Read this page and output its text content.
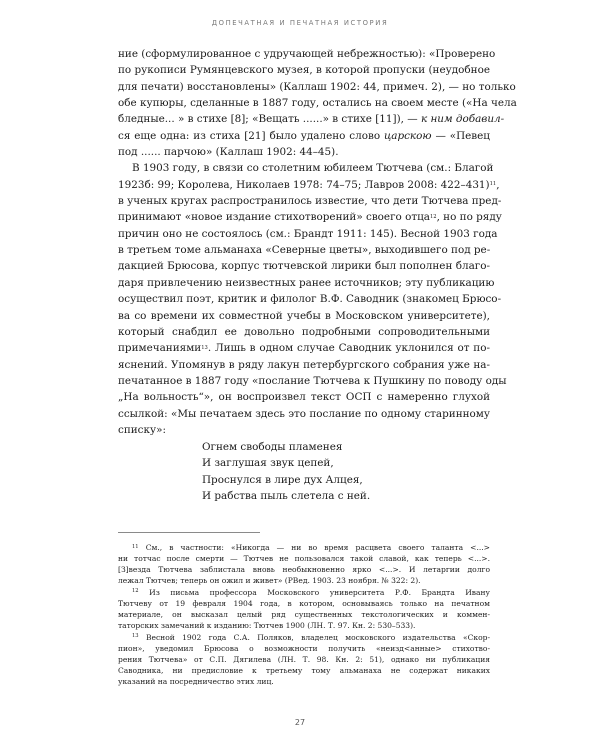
ДОПЕЧАТНАЯ И ПЕЧАТНАЯ ИСТОРИЯ

ние (сформулированное с удручающей небрежностью): «Проверено
по рукописи Румянцевского музея, в которой пропуски (неудобное
для печати) восстановлены» (Каллаш 1902: 44, примеч. 2), — но только
обе купюры, сделанные в 1887 году, остались на своем месте («На чела
бледные... » в стихе [8]; «Вещать ......» в стихе [11]), — к ним добавил-
ся еще одна: из стиха [21] было удалено слово царскою — «Певец
под ...... парчою» (Каллаш 1902: 44–45).

В 1903 году, в связи со столетним юбилеем Тютчева (см.: Благой
1923б: 99; Королева, Николаев 1978: 74–75; Лавров 2008: 422–431)$^{11}$,
в ученых кругах распространилось известие, что дети Тютчева пред-
принимают «новое издание стихотворений» своего отца$^{12}$, но по ряду
причин оно не состоялось (см.: Брандт 1911: 145). Весной 1903 года
в третьем томе альманаха «Северные цветы», выходившего под ре-
дакцией Брюсова, корпус тютчевской лирики был пополнен благо-
даря привлечению неизвестных ранее источников; эту публикацию
осуществил поэт, критик и филолог В.Ф. Саводник (знакомец Брюсо-
ва со времени их совместной учебы в Московском университете),
который снабдил ее довольно подробными сопроводительными
примечаниями$^{13}$. Лишь в одном случае Саводник уклонился от по-
яснений. Упомянув в ряду лакун петербургского собрания уже на-
печатанное в 1887 году «послание Тютчева к Пушкину по поводу оды
„На вольность“», он воспроизвел текст ОСП с намеренно глухой
ссылкой: «Мы печатаем здесь это послание по одному старинному
списку»:

Огнем свободы пламенея
И заглушая звук цепей,
Проснулся в лире дух Алцея,
И рабства пыль слетела с ней.
$^{11}$ См., в частности: «Никогда — ни во время расцвета своего таланта <...>
ни тотчас после смерти — Тютчев не пользовался такой славой, как теперь <...>.
[З]везда Тютчева заблистала вновь необыкновенно ярко <...>. И летаргии долго
лежал Тютчев; теперь он ожил и живет» (РВед. 1903. 23 ноября. № 322: 2).
$^{12}$ Из письма профессора Московского университета Р.Ф. Брандта Ивану
Тютчеву от 19 февраля 1904 года, в котором, основываясь только на печатном
материале, он высказал целый ряд существенных текстологических и коммен-
таторских замечаний к изданию: Тютчев 1900 (ЛН. Т. 97. Кн. 2: 530–533).
$^{13}$ Весной 1902 года С.А. Поляков, владелец московского издательства «Скор-
пион», уведомил Брюсова о возможности получить «неизд<анные> стихотво-
рения Тютчева» от С.П. Дягилева (ЛН. Т. 98. Кн. 2: 51), однако ни публикация
Саводника, ни предисловие к третьему тому альманаха не содержат никаких
указаний на посредничество этих лиц.
27
